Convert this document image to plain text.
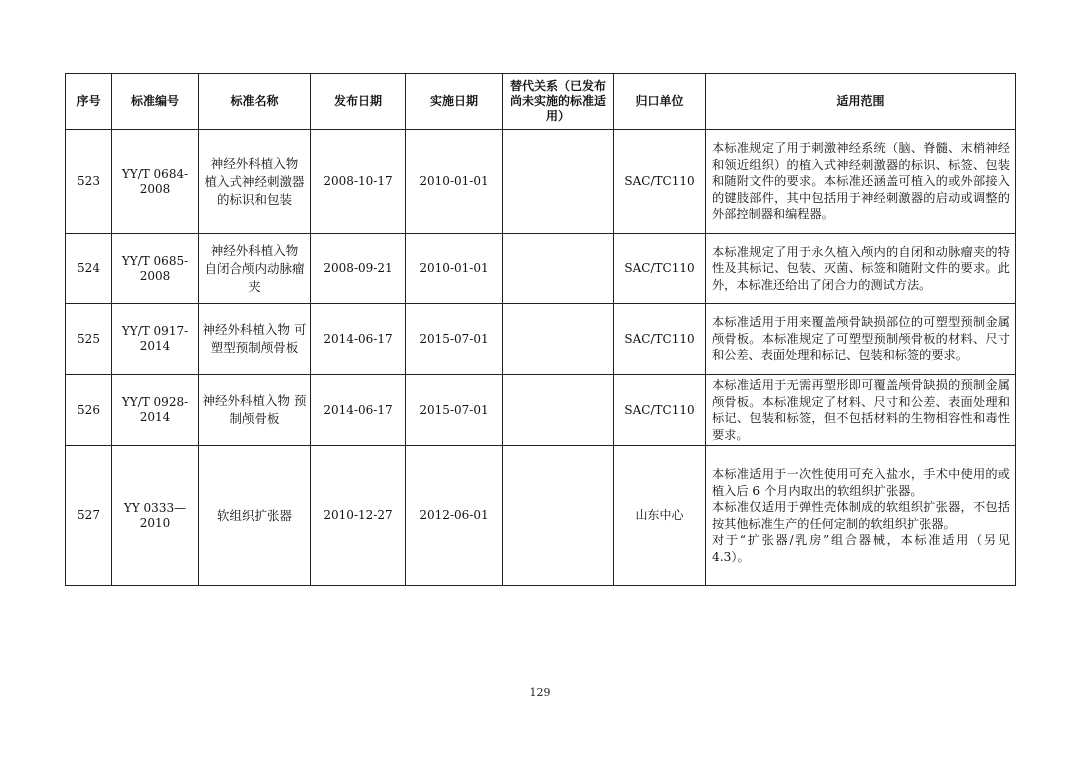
序号	标准编号	标准名称	发布日期	实施日期	替代关系（已发布尚未实施的标准适用）	归口单位	适用范围
523	YY/T 0684-2008	神经外科植入物　植入式神经刺激器的标识和包装	2008-10-17	2010-01-01		SAC/TC110	本标准规定了用于刺激神经系统（脑、脊髓、末梢神经和领近组织）的植入式神经刺激器的标识、标签、包装和随附文件的要求。本标准还涵盖可植入的或外部接入的键肢部件，其中包括用于神经刺激器的启动或调整的外部控制器和编程器。

524	YY/T 0685-2008	神经外科植入物　自闭合颅内动脉瘤夹	2008-09-21	2010-01-01		SAC/TC110	本标准规定了用于永久植入颅内的自闭和动脉瘤夹的特性及其标记、包装、灭菌、标签和随附文件的要求。此外，本标准还给出了闭合力的测试方法。

525	YY/T 0917-2014	神经外科植入物 可塑型预制颅骨板	2014-06-17	2015-07-01		SAC/TC110	本标准适用于用来覆盖颅骨缺损部位的可塑型预制金属颅骨板。本标准规定了可塑型预制颅骨板的材料、尺寸和公差、表面处理和标记、包装和标签的要求。

526	YY/T 0928-2014	神经外科植入物 预制颅骨板	2014-06-17	2015-07-01		SAC/TC110	本标准适用于无需再塑形即可覆盖颅骨缺损的预制金属颅骨板。本标准规定了材料、尺寸和公差、表面处理和标记、包装和标签，但不包括材料的生物相容性和毒性要求。

527	YY 0333—2010	软组织扩张器	2010-12-27	2012-06-01		山东中心	本标准适用于一次性使用可充入盐水，手术中使用的或植入后 6 个月内取出的软组织扩张器。
本标准仅适用于弹性壳体制成的软组织扩张器，不包括按其他标准生产的任何定制的软组织扩张器。
对于“扩张器/乳房”组合器械，本标准适用（另见 4.3）。
129
